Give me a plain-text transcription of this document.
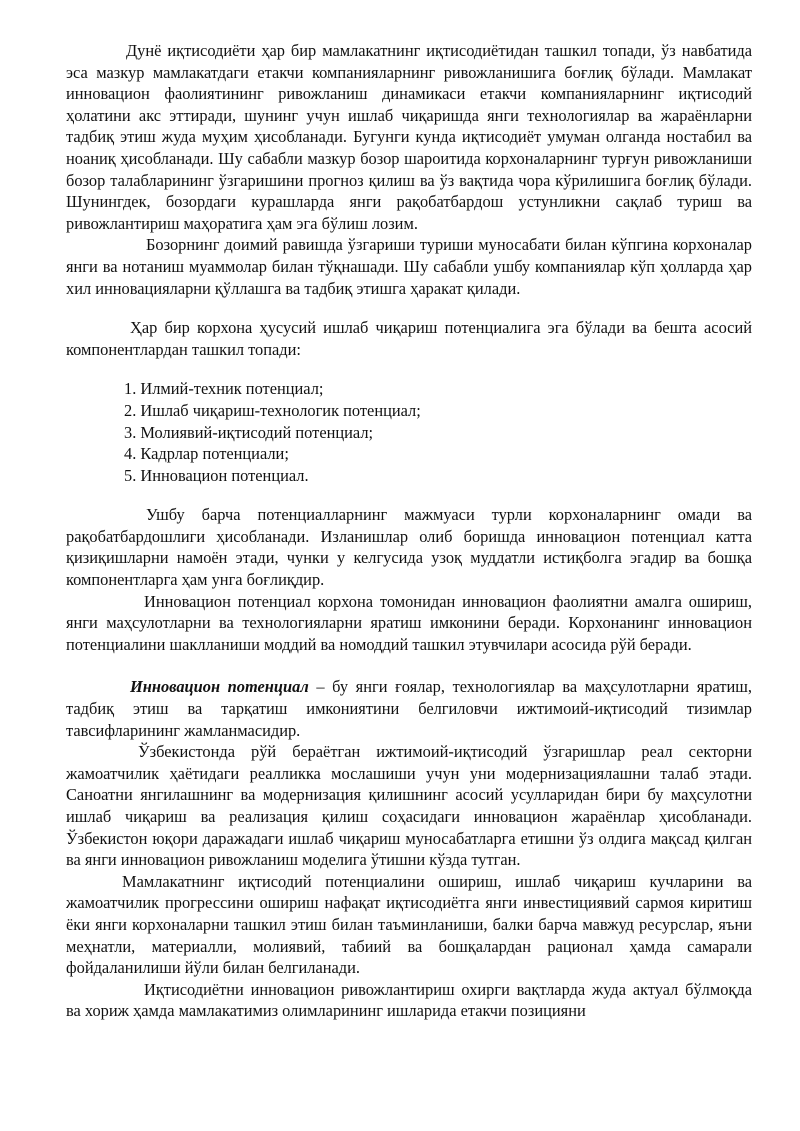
Дунё иқтисодиёти ҳар бир мамлакатнинг иқтисодиётидан ташкил топади, ўз навбатида эса мазкур мамлакатдаги етакчи компанияларнинг ривожланишига боғлиқ бўлади. Мамлакат инновацион фаолиятининг ривожланиш динамикаси етакчи компанияларнинг иқтисодий ҳолатини акс эттиради, шунинг учун ишлаб чиқаришда янги технологиялар ва жараёнларни тадбиқ этиш жуда муҳим ҳисобланади. Бугунги кунда иқтисодиёт умуман олганда ностабил ва ноаниқ ҳисобланади. Шу сабабли мазкур бозор шароитида корхоналарнинг турғун ривожланиши бозор талабларининг ўзгаришини прогноз қилиш ва ўз вақтида чора кўрилишига боғлиқ бўлади. Шунингдек, бозордаги курашларда янги рақобатбардош устунликни сақлаб туриш ва ривожлантириш маҳоратига ҳам эга бўлиш лозим.

Бозорнинг доимий равишда ўзгариши туриши муносабати билан кўпгина корхоналар янги ва нотаниш муаммолар билан тўқнашади. Шу сабабли ушбу компаниялар кўп ҳолларда ҳар хил инновацияларни қўллашга ва тадбиқ этишга ҳаракат қилади.

Ҳар бир корхона ҳусусий ишлаб чиқариш потенциалига эга бўлади ва бешта асосий компонентлардан ташкил топади:

1. Илмий-техник потенциал;
2. Ишлаб чиқариш-технологик потенциал;
3. Молиявий-иқтисодий потенциал;
4. Кадрлар потенциали;
5. Инновацион потенциал.

Ушбу барча потенциалларнинг мажмуаси турли корхоналарнинг омади ва рақобатбардошлиги ҳисобланади. Изланишлар олиб боришда инновацион потенциал катта қизиқишларни намоён этади, чунки у келгусида узоқ муддатли истиқболга эгадир ва бошқа компонентларга ҳам унга боғлиқдир.

Инновацион потенциал корхона томонидан инновацион фаолиятни амалга ошириш, янги маҳсулотларни ва технологияларни яратиш имконини беради. Корхонанинг инновацион потенциалини шаклланиши моддий ва номоддий ташкил этувчилари асосида рўй беради.

Инновацион потенциал – бу янги ғоялар, технологиялар ва маҳсулотларни яратиш, тадбиқ этиш ва тарқатиш имкониятини белгиловчи ижтимоий-иқтисодий тизимлар тавсифларининг жамланмасидир.

Ўзбекистонда рўй бераётган ижтимоий-иқтисодий ўзгаришлар реал секторни жамоатчилик ҳаётидаги реалликка мослашиши учун уни модернизациялашни талаб этади. Саноатни янгилашнинг ва модернизация қилишнинг асосий усулларидан бири бу маҳсулотни ишлаб чиқариш ва реализация қилиш соҳасидаги инновацион жараёнлар ҳисобланади. Ўзбекистон юқори даражадаги ишлаб чиқариш муносабатларга етишни ўз олдига мақсад қилган ва янги инновацион ривожланиш моделига ўтишни кўзда тутган.

Мамлакатнинг иқтисодий потенциалини ошириш, ишлаб чиқариш кучларини ва жамоатчилик прогрессини ошириш нафақат иқтисодиётга янги инвестициявий сармоя киритиш ёки янги корхоналарни ташкил этиш билан таъминланиши, балки барча мавжуд ресурслар, яъни меҳнатли, материалли, молиявий, табиий ва бошқалардан рационал ҳамда самарали фойдаланилиши йўли билан белгиланади.

Иқтисодиётни инновацион ривожлантириш охирги вақтларда жуда актуал бўлмоқда ва хориж ҳамда мамлакатимиз олимларининг ишларида етакчи позицияни
